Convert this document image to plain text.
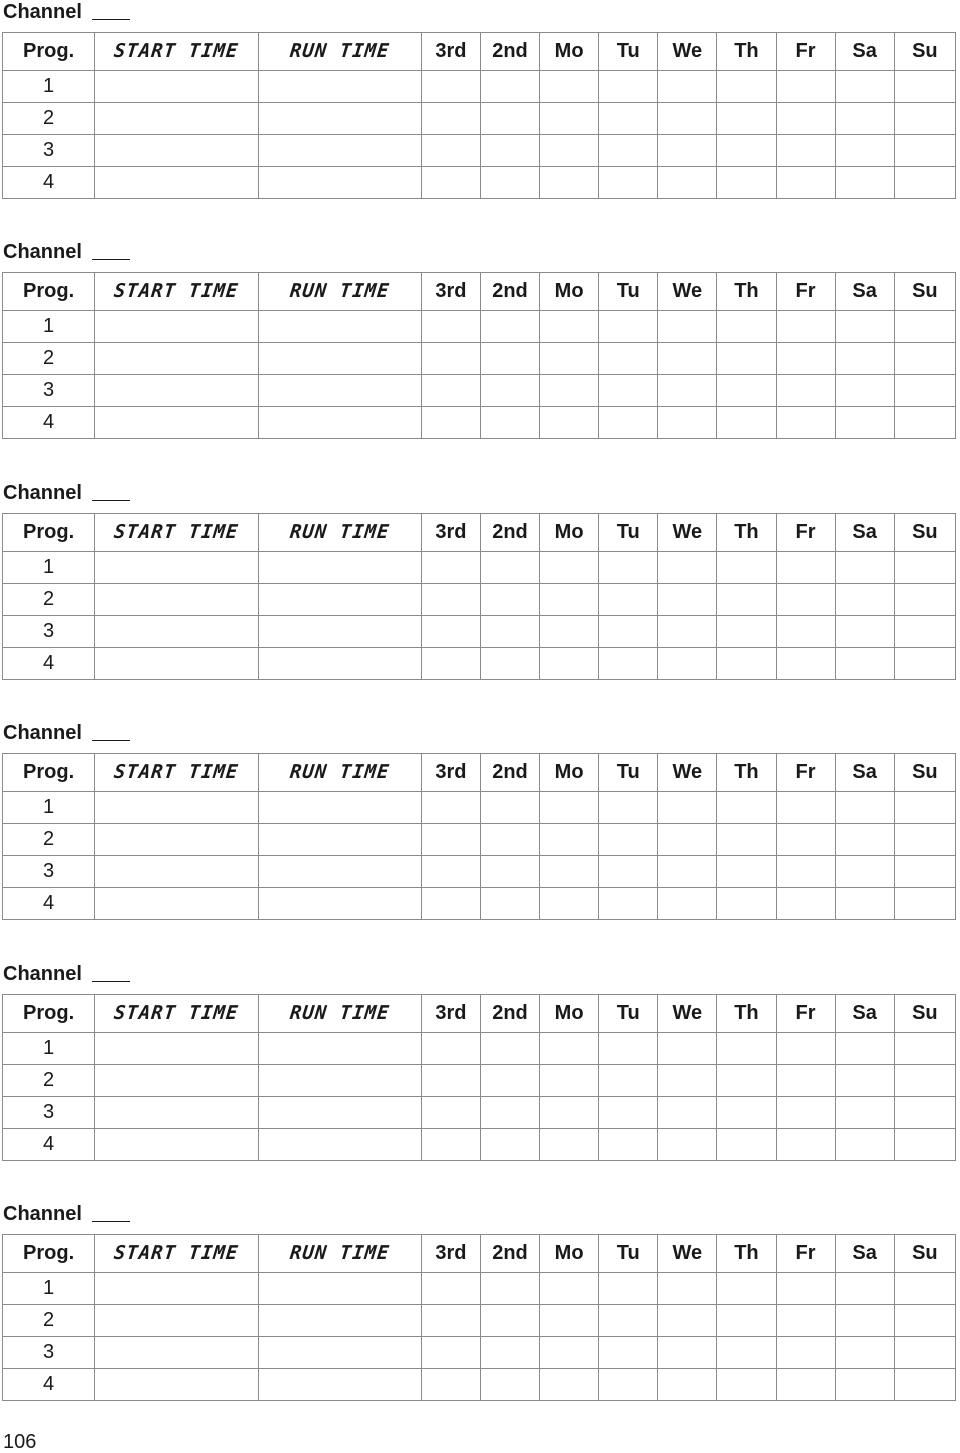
Channel
Prog.	START TIME	RUN TIME	3rd	2nd	Mo	Tu	We	Th	Fr	Sa	Su
1											
2											
3											
4											
Channel
Prog.	START TIME	RUN TIME	3rd	2nd	Mo	Tu	We	Th	Fr	Sa	Su
1											
2											
3											
4											
Channel
Prog.	START TIME	RUN TIME	3rd	2nd	Mo	Tu	We	Th	Fr	Sa	Su
1											
2											
3											
4											
Channel
Prog.	START TIME	RUN TIME	3rd	2nd	Mo	Tu	We	Th	Fr	Sa	Su
1											
2											
3											
4											
Channel
Prog.	START TIME	RUN TIME	3rd	2nd	Mo	Tu	We	Th	Fr	Sa	Su
1											
2											
3											
4											
Channel
Prog.	START TIME	RUN TIME	3rd	2nd	Mo	Tu	We	Th	Fr	Sa	Su
1											
2											
3											
4											
106
